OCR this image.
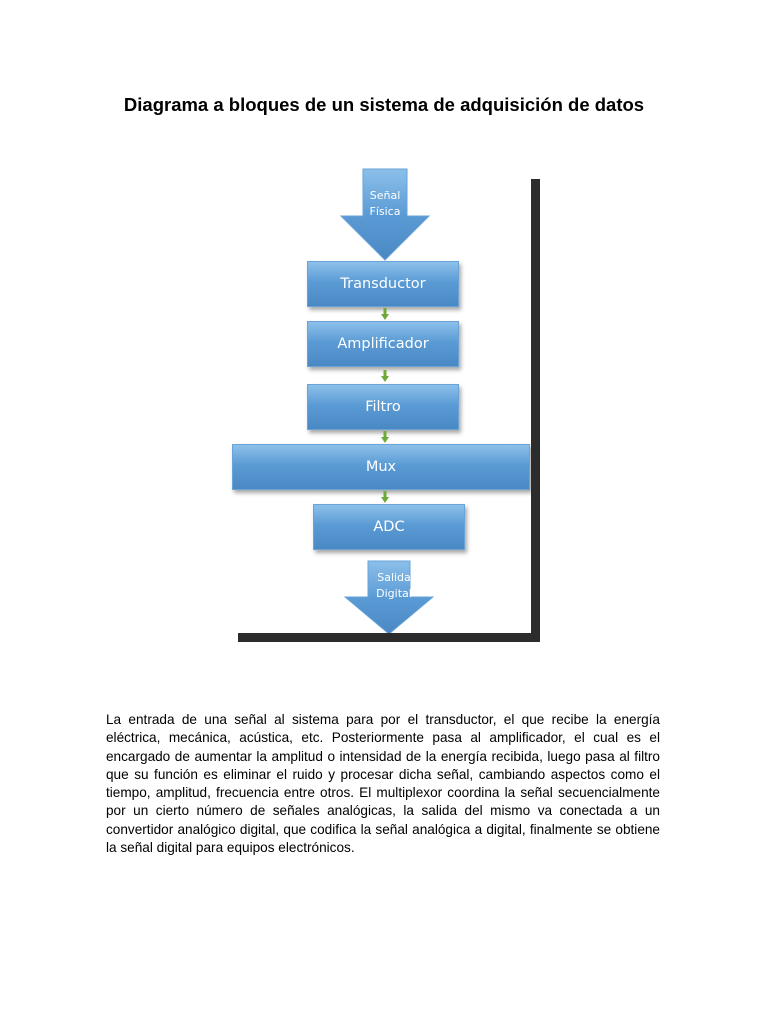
Diagrama a bloques de un sistema de adquisición de datos
Señal
Física
Transductor
Amplificador
Filtro
Mux
ADC
Salida
Digital

La entrada de una señal al sistema para por el transductor, el que recibe la energía eléctrica, mecánica, acústica, etc. Posteriormente pasa al amplificador, el cual es el encargado de aumentar la amplitud o intensidad de la energía recibida, luego pasa al filtro que su función es eliminar el ruido y procesar dicha señal, cambiando aspectos como el tiempo, amplitud, frecuencia entre otros. El multiplexor coordina la señal secuencialmente por un cierto número de señales analógicas, la salida del mismo va conectada a un convertidor analógico digital, que codifica la señal analógica a digital, finalmente se obtiene la señal digital para equipos electrónicos.
